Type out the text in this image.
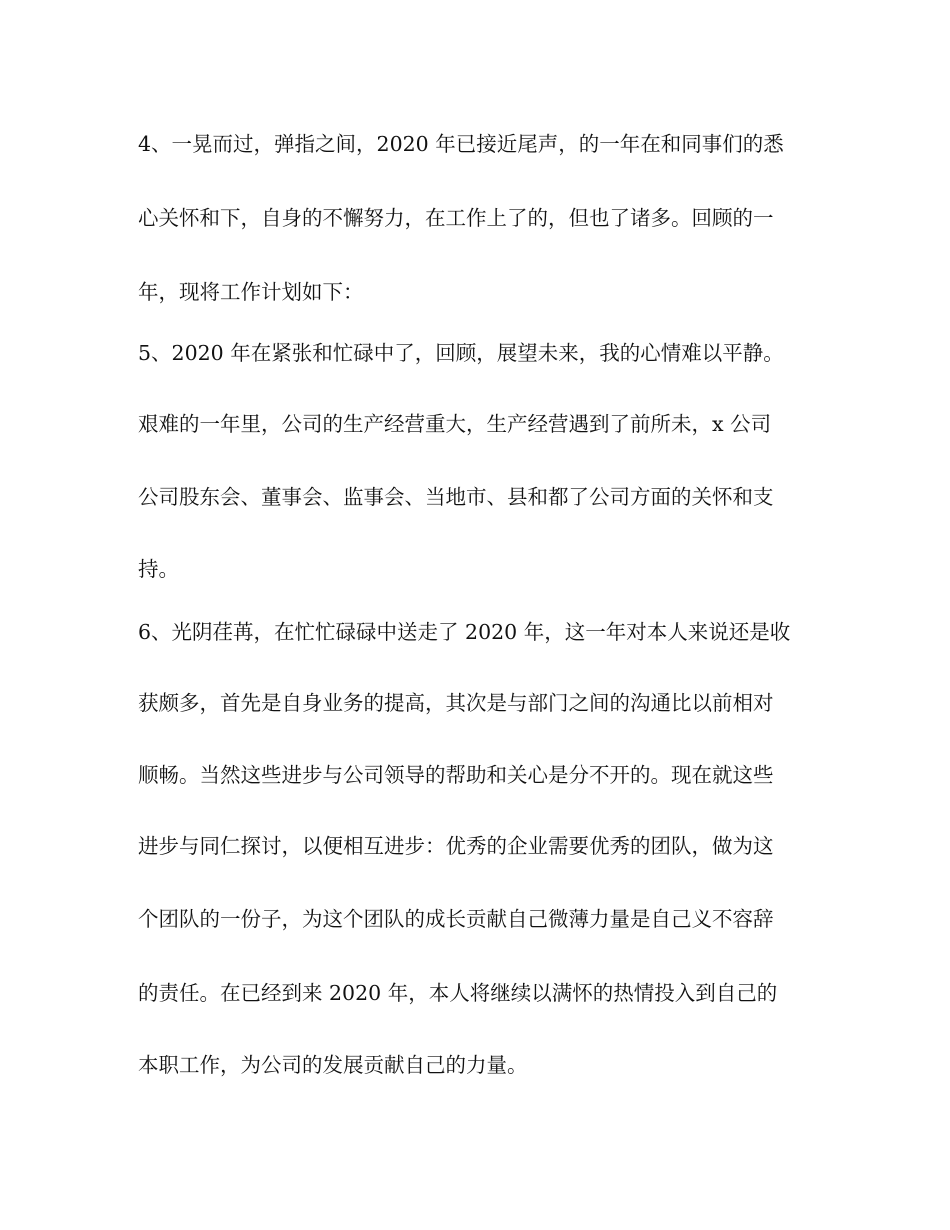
4、一晃而过，弹指之间，2020 年已接近尾声，的一年在和同事们的悉
心关怀和下，自身的不懈努力，在工作上了的，但也了诸多。回顾的一
年，现将工作计划如下：
5、2020 年在紧张和忙碌中了，回顾，展望未来，我的心情难以平静。
艰难的一年里，公司的生产经营重大，生产经营遇到了前所未，x 公司
公司股东会、董事会、监事会、当地市、县和都了公司方面的关怀和支
持。
6、光阴荏苒，在忙忙碌碌中送走了 2020 年，这一年对本人来说还是收
获颇多，首先是自身业务的提高，其次是与部门之间的沟通比以前相对
顺畅。当然这些进步与公司领导的帮助和关心是分不开的。现在就这些
进步与同仁探讨，以便相互进步：优秀的企业需要优秀的团队，做为这
个团队的一份子，为这个团队的成长贡献自己微薄力量是自己义不容辞
的责任。在已经到来 2020 年，本人将继续以满怀的热情投入到自己的
本职工作，为公司的发展贡献自己的力量。
